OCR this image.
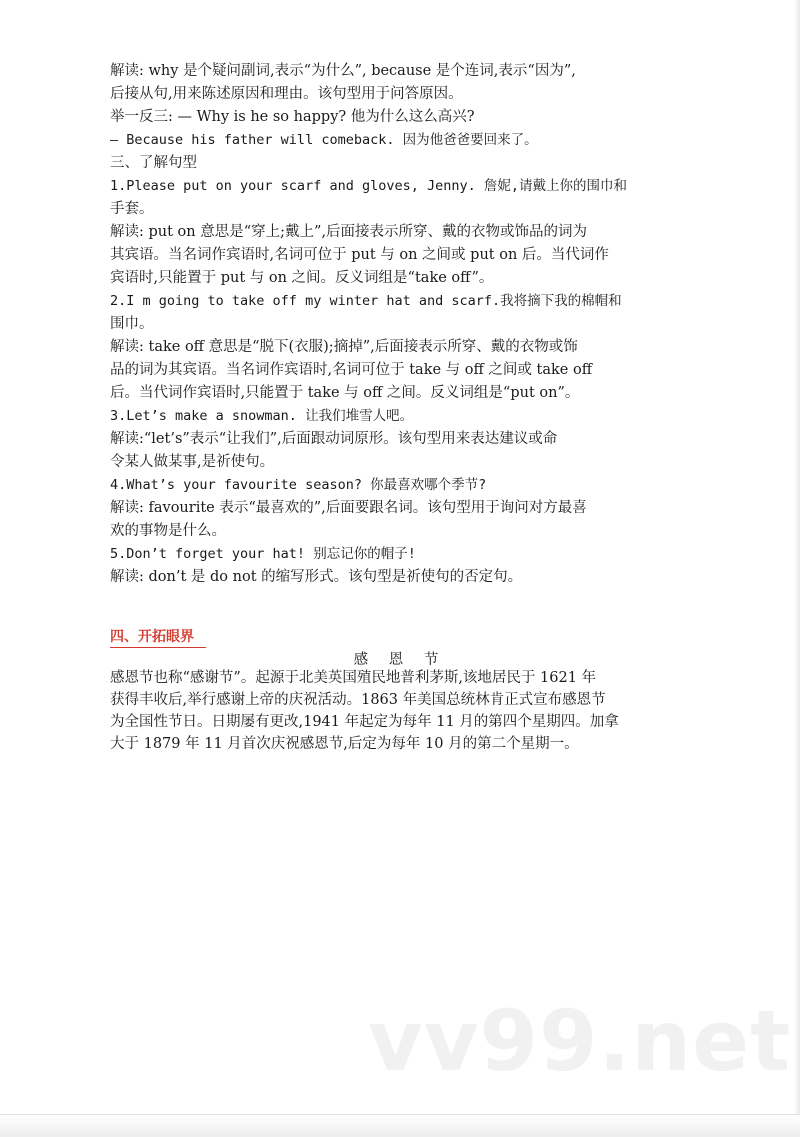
解读: why 是个疑问副词,表示“为什么”, because 是个连词,表示“因为”,

后接从句,用来陈述原因和理由。该句型用于问答原因。

举一反三: — Why is he so happy? 他为什么这么高兴?

— Because his father will comeback. 因为他爸爸要回来了。

三、了解句型

1.Please put on your scarf and gloves, Jenny. 詹妮,请戴上你的围巾和

手套。

解读: put on 意思是“穿上;戴上”,后面接表示所穿、戴的衣物或饰品的词为

其宾语。当名词作宾语时,名词可位于 put 与 on 之间或 put on 后。当代词作

宾语时,只能置于 put 与 on 之间。反义词组是“take off”。

2.I m going to take off my winter hat and scarf.我将摘下我的棉帽和

围巾。

解读: take off 意思是“脱下(衣服);摘掉”,后面接表示所穿、戴的衣物或饰

品的词为其宾语。当名词作宾语时,名词可位于 take 与 off 之间或 take off

后。当代词作宾语时,只能置于 take 与 off 之间。反义词组是“put on”。

3.Let’s make a snowman. 让我们堆雪人吧。

解读:“let’s”表示“让我们”,后面跟动词原形。该句型用来表达建议或命

令某人做某事,是祈使句。

4.What’s your favourite season? 你最喜欢哪个季节?

解读: favourite 表示“最喜欢的”,后面要跟名词。该句型用于询问对方最喜

欢的事物是什么。

5.Don’t forget your hat! 别忘记你的帽子!

解读: don’t 是 do not 的缩写形式。该句型是祈使句的否定句。

四、开拓眼界
感 恩 节

感恩节也称“感谢节”。起源于北美英国殖民地普利茅斯,该地居民于 1621 年

获得丰收后,举行感谢上帝的庆祝活动。1863 年美国总统林肯正式宣布感恩节

为全国性节日。日期屡有更改,1941 年起定为每年 11 月的第四个星期四。加拿

大于 1879 年 11 月首次庆祝感恩节,后定为每年 10 月的第二个星期一。

vv99.net
